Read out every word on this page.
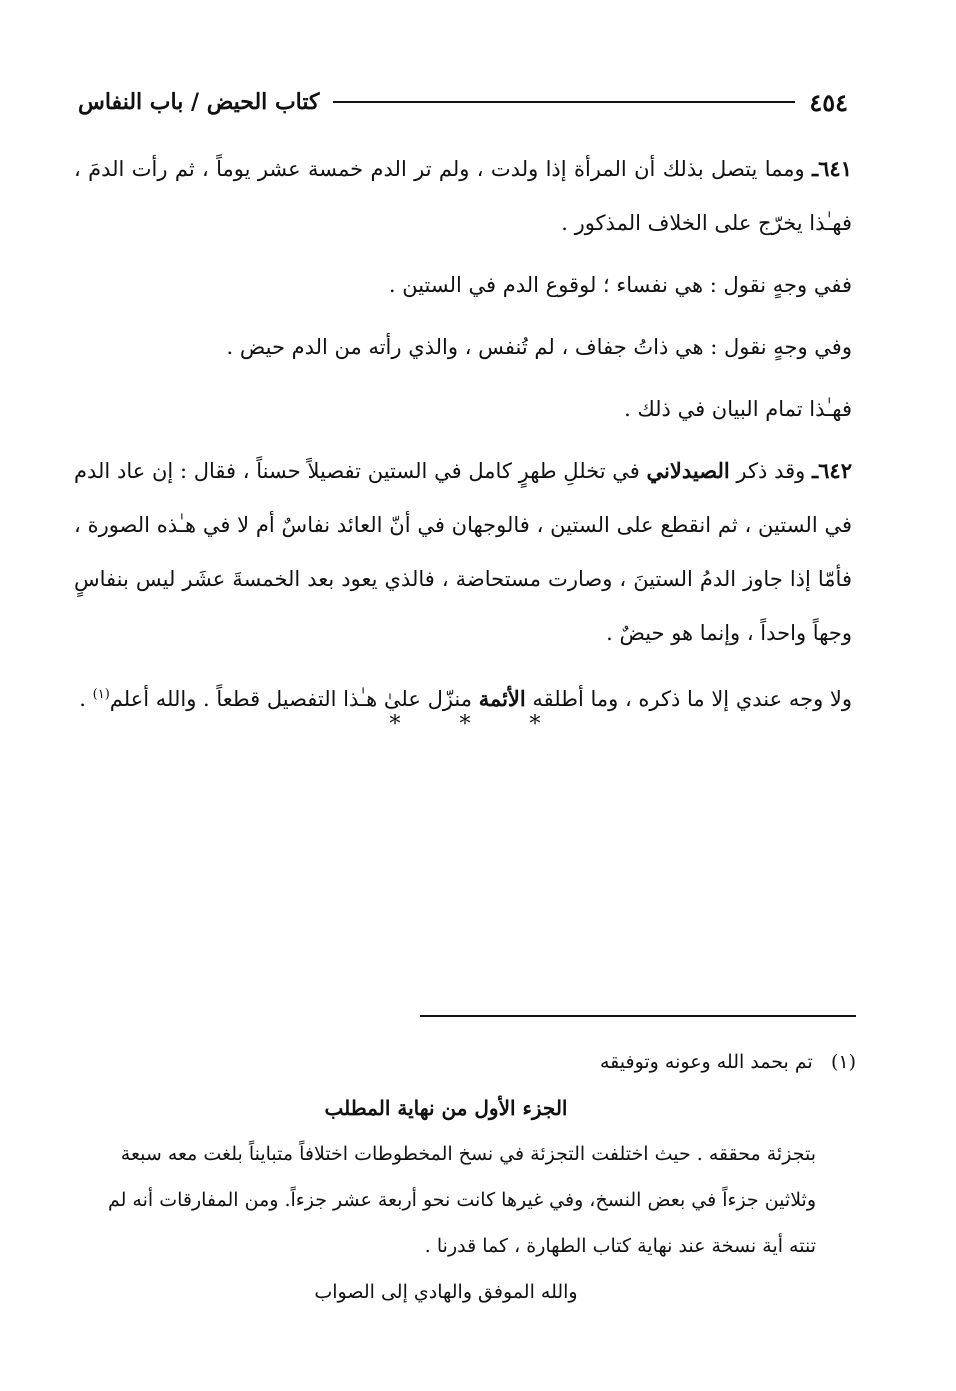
٤٥٤
كتاب الحيض / باب النفاس

٦٤١ـ ومما يتصل بذلك أن المرأة إذا ولدت ، ولم تر الدم خمسة عشر يوماً ، ثم رأت الدمَ ، فهـٰذا يخرّج على الخلاف المذكور .

ففي وجهٍ نقول : هي نفساء ؛ لوقوع الدم في الستين .

وفي وجهٍ نقول : هي ذاتُ جفاف ، لم تُنفس ، والذي رأته من الدم حيض .

فهـٰذا تمام البيان في ذلك .

٦٤٢ـ وقد ذكر الصيدلاني في تخللِ طهرٍ كامل في الستين تفصيلاً حسناً ، فقال : إن عاد الدم في الستين ، ثم انقطع على الستين ، فالوجهان في أنّ العائد نفاسٌ أم لا في هـٰذه الصورة ، فأمّا إذا جاوز الدمُ الستينَ ، وصارت مستحاضة ، فالذي يعود بعد الخمسةَ عشَر ليس بنفاسٍ وجهاً واحداً ، وإنما هو حيضٌ .

ولا وجه عندي إلا ما ذكره ، وما أطلقه الأئمة منزّل علىٰ هـٰذا التفصيل قطعاً . والله أعلم$^{(١)}$ .

* * *
(١)   تم بحمد الله وعونه وتوفيقه
الجزء الأول من نهاية المطلب
بتجزئة محققه . حيث اختلفت التجزئة في نسخ المخطوطات اختلافاً متبايناً بلغت معه سبعة وثلاثين جزءاً في بعض النسخ، وفي غيرها كانت نحو أربعة عشر جزءاً. ومن المفارقات أنه لم تنته أية نسخة عند نهاية كتاب الطهارة ، كما قدرنا .
والله الموفق والهادي إلى الصواب
